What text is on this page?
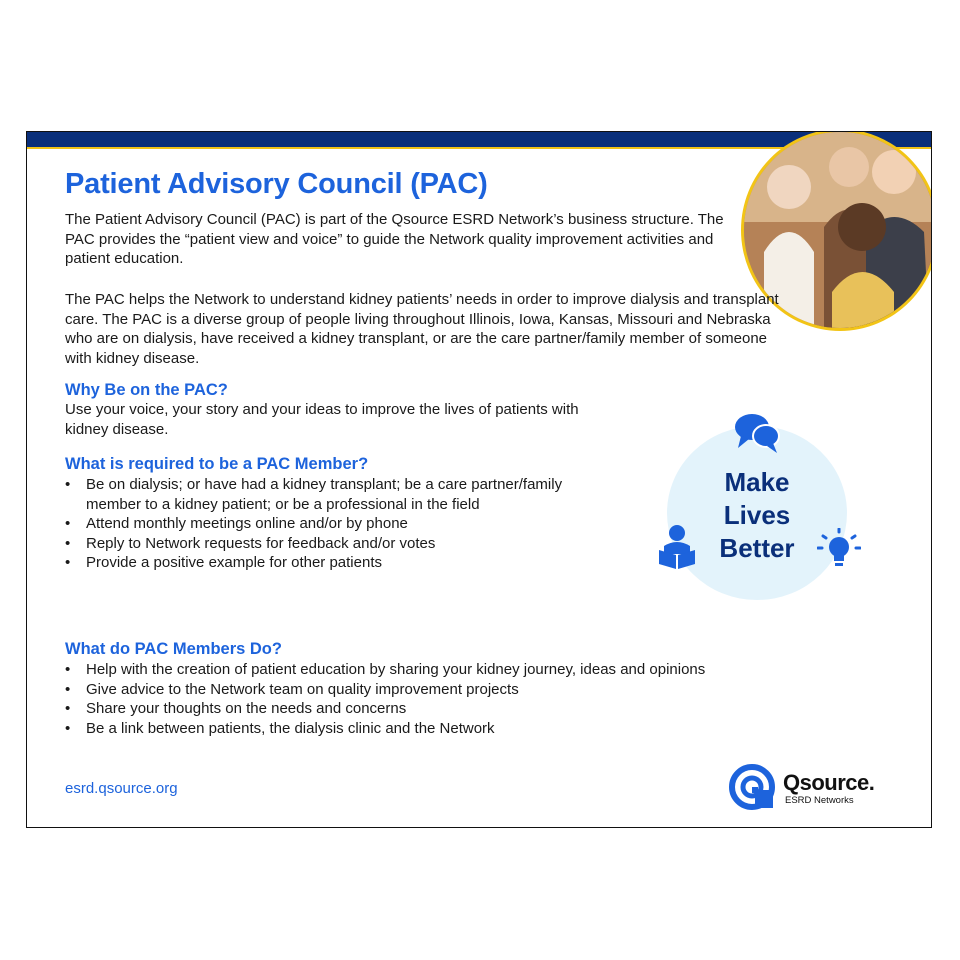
Patient Advisory Council (PAC)

The Patient Advisory Council (PAC) is part of the Qsource ESRD Network’s business structure. The PAC provides the “patient view and voice” to guide the Network quality improvement activities and patient education.

The PAC helps the Network to understand kidney patients’ needs in order to improve dialysis and transplant care. The PAC is a diverse group of people living throughout Illinois, Iowa, Kansas, Missouri and Nebraska who are on dialysis, have received a kidney transplant, or are the care partner/family member of someone with kidney disease.

Why Be on the PAC?

Use your voice, your story and your ideas to improve the lives of patients with kidney disease.

What is required to be a PAC Member?
• Be on dialysis; or have had a kidney transplant; be a care partner/family member to a kidney patient; or be a professional in the field
• Attend monthly meetings online and/or by phone
• Reply to Network requests for feedback and/or votes
• Provide a positive example for other patients

Make
Lives
Better

What do PAC Members Do?
• Help with the creation of patient education by sharing your kidney journey, ideas and opinions
• Give advice to the Network team on quality improvement projects
• Share your thoughts on the needs and concerns
• Be a link between patients, the dialysis clinic and the Network

esrd.qsource.org	Qsource.

ESRD Networks
